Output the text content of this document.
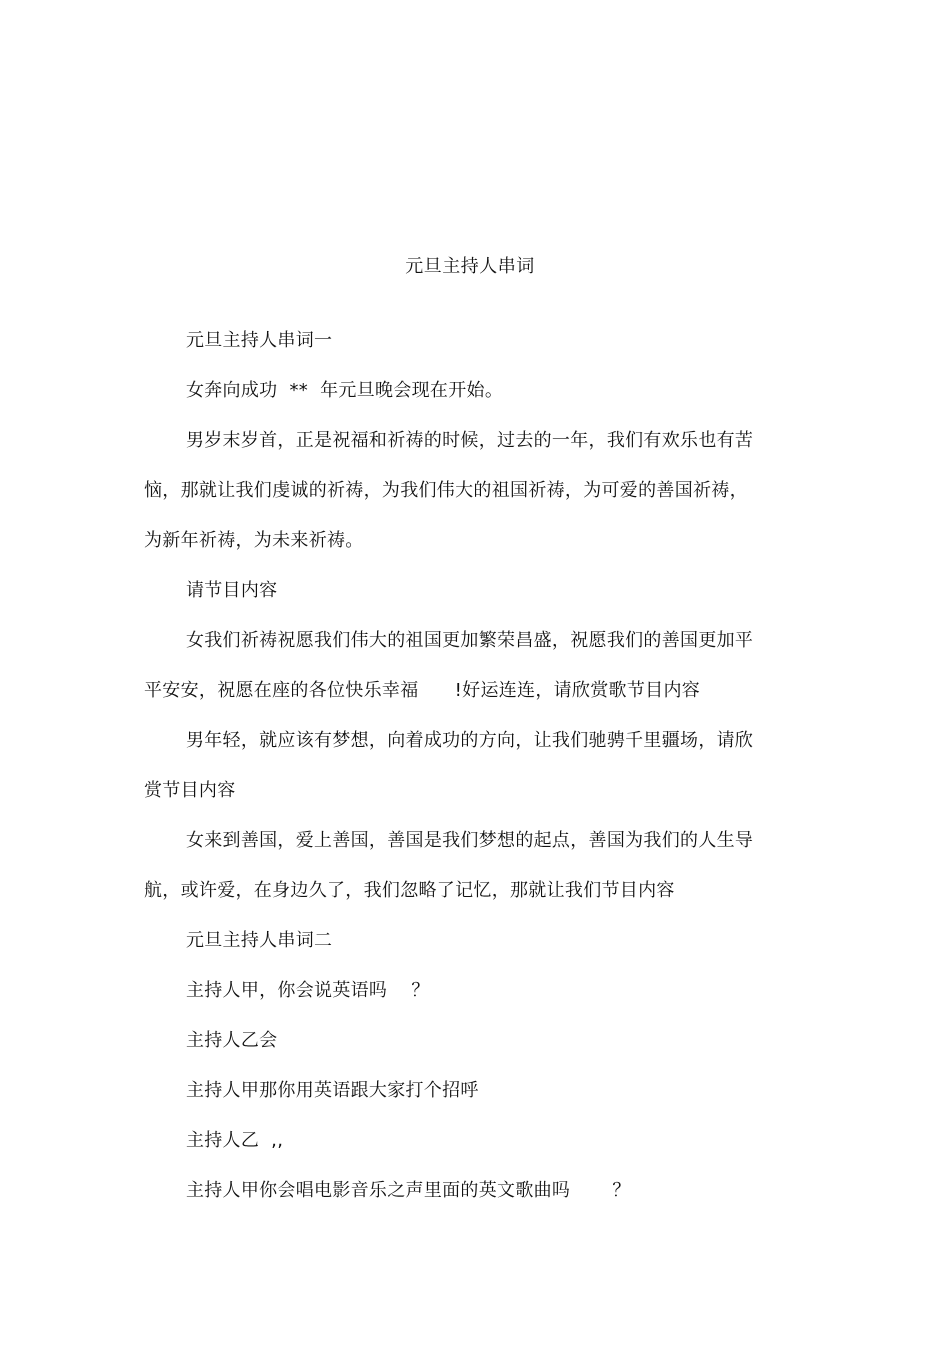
元旦主持人串词

元旦主持人串词一

女奔向成功  **  年元旦晚会现在开始。

男岁末岁首，正是祝福和祈祷的时候，过去的一年，我们有欢乐也有苦恼，那就让我们虔诚的祈祷，为我们伟大的祖国祈祷，为可爱的善国祈祷，为新年祈祷，为未来祈祷。

请节目内容

女我们祈祷祝愿我们伟大的祖国更加繁荣昌盛，祝愿我们的善国更加平平安安，祝愿在座的各位快乐幸福      !好运连连，请欣赏歌节目内容

男年轻，就应该有梦想，向着成功的方向，让我们驰骋千里疆场，请欣赏节目内容

女来到善国，爱上善国，善国是我们梦想的起点，善国为我们的人生导航，或许爱，在身边久了，我们忽略了记忆，那就让我们节目内容

元旦主持人串词二

主持人甲，你会说英语吗    ？

主持人乙会

主持人甲那你用英语跟大家打个招呼

主持人乙  ,,

主持人甲你会唱电影音乐之声里面的英文歌曲吗       ？
